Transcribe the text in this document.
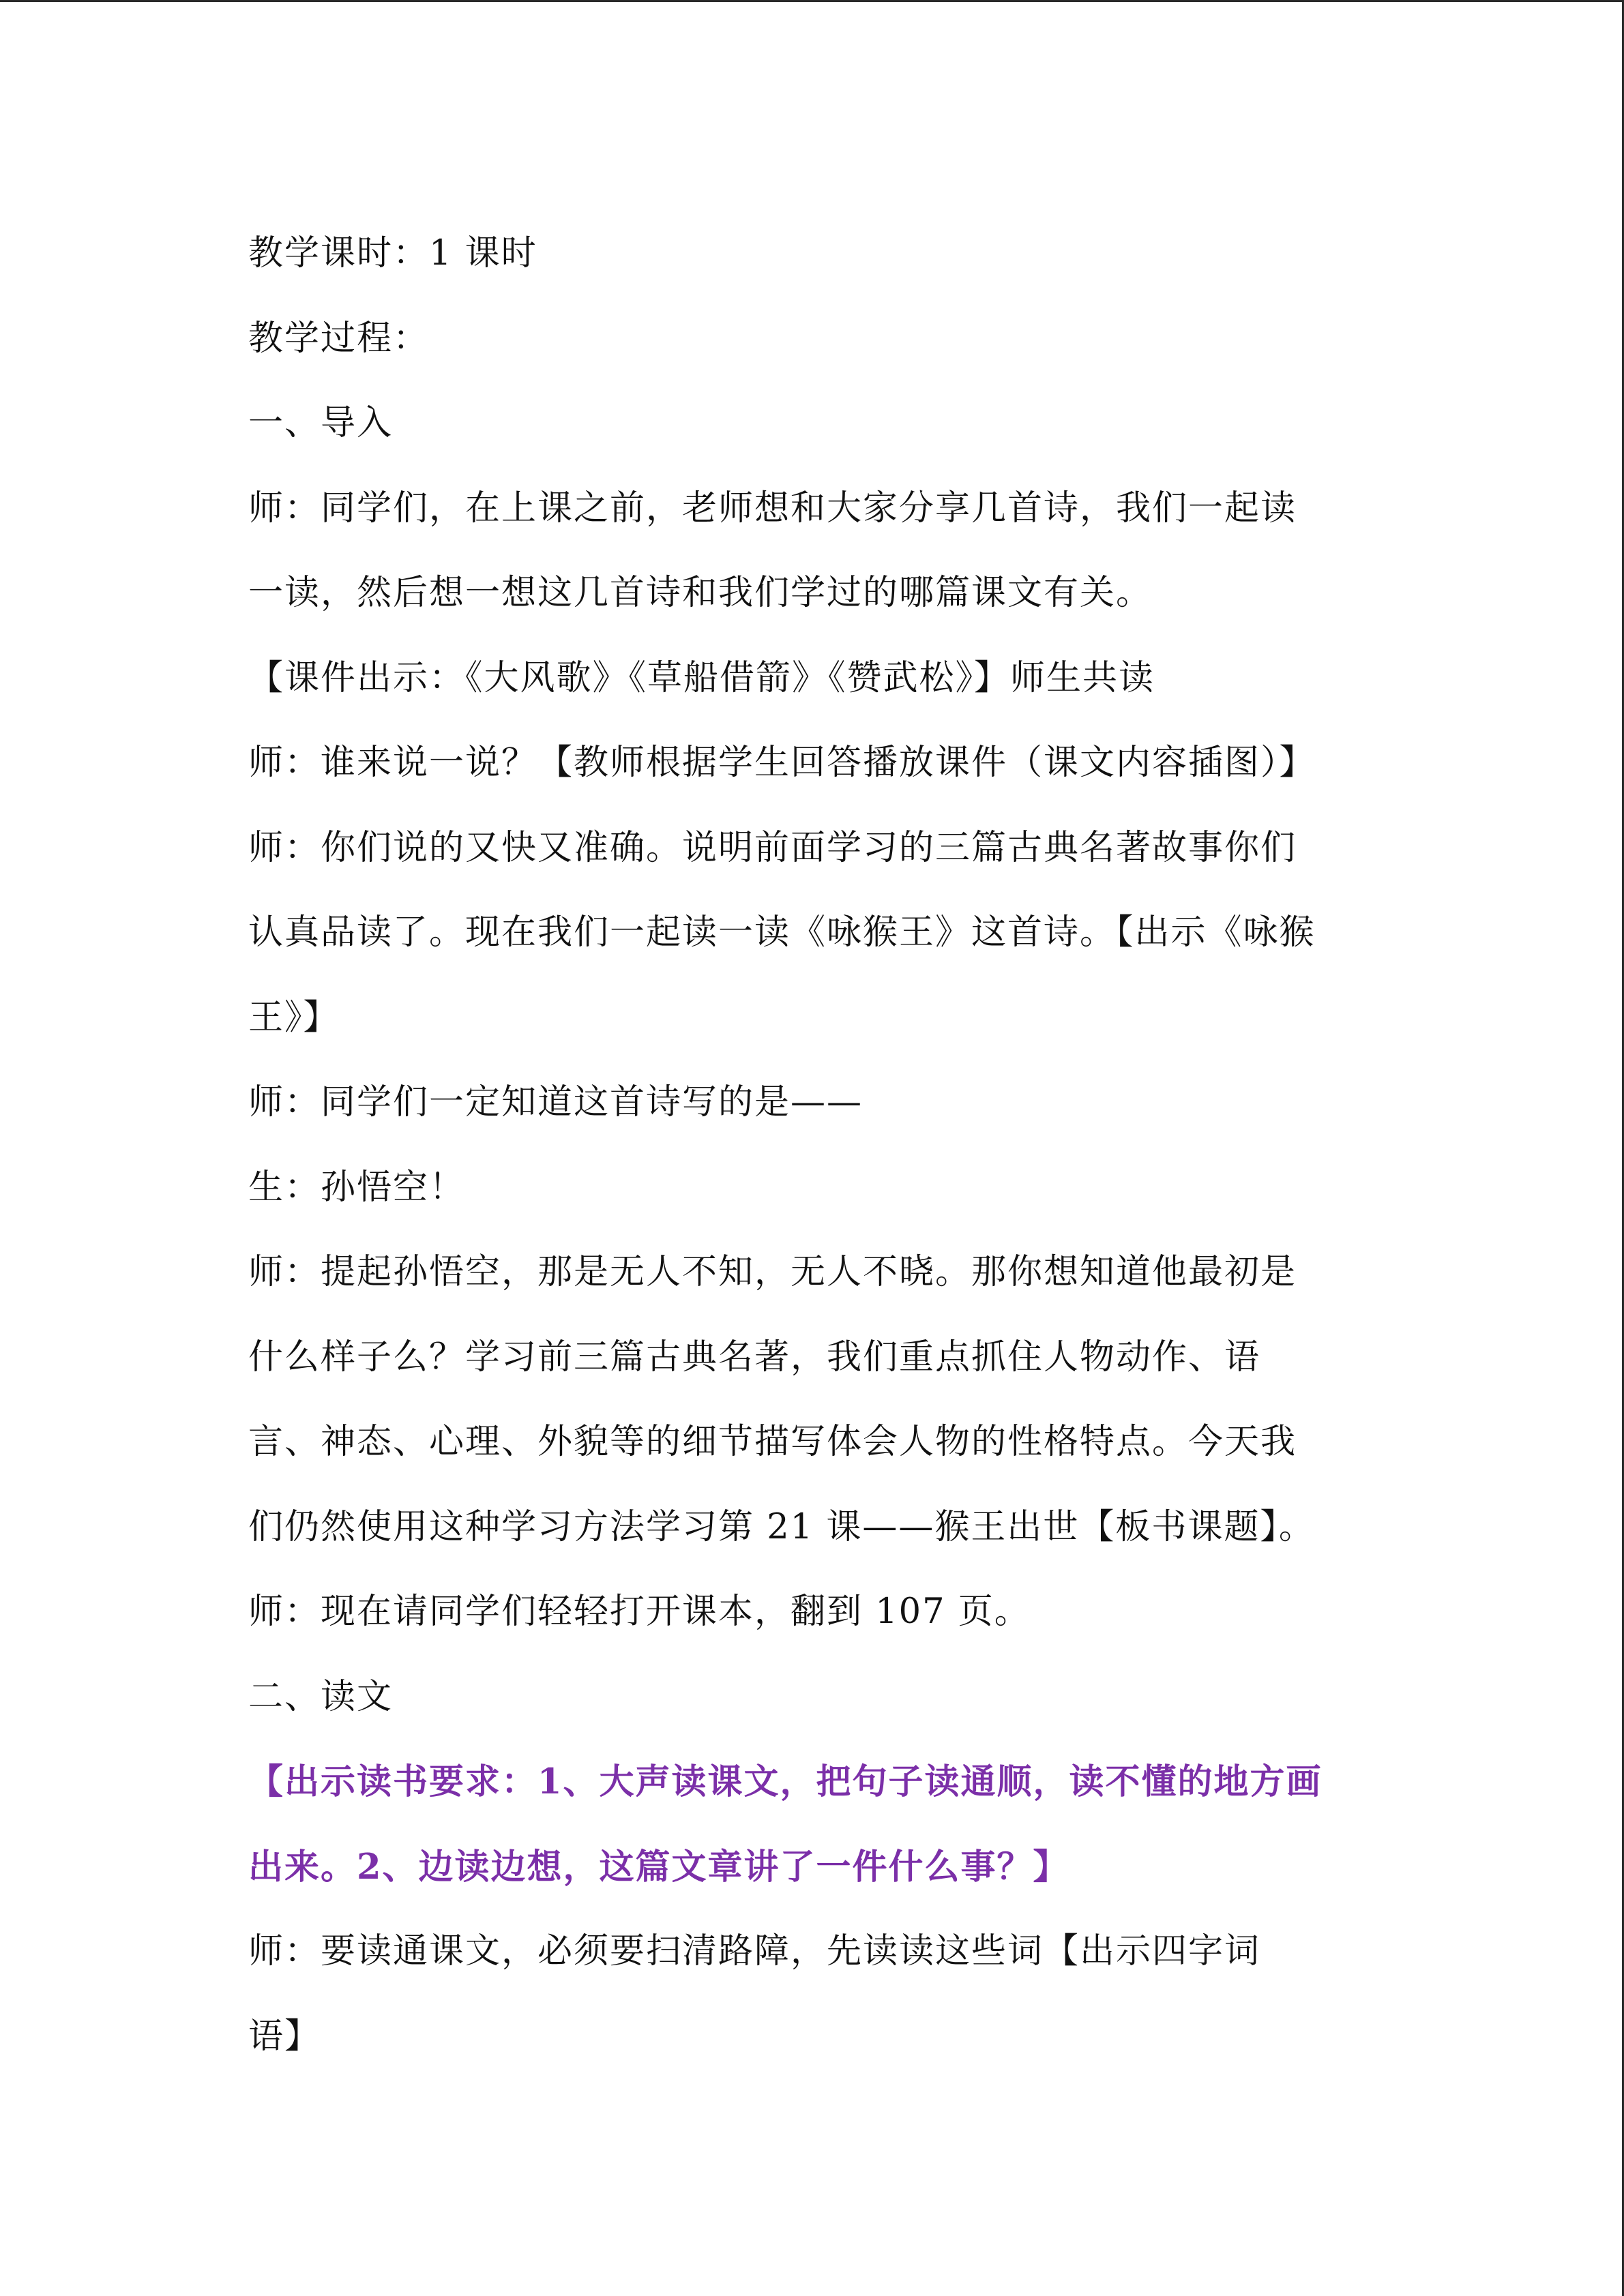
教学课时：1 课时
教学过程：
一、导入
师：同学们，在上课之前，老师想和大家分享几首诗，我们一起读
一读，然后想一想这几首诗和我们学过的哪篇课文有关。
【课件出示：《大风歌》《草船借箭》《赞武松》】师生共读
师：谁来说一说？【教师根据学生回答播放课件（课文内容插图）】
师：你们说的又快又准确。说明前面学习的三篇古典名著故事你们
认真品读了。现在我们一起读一读《咏猴王》这首诗。【出示《咏猴
王》】
师：同学们一定知道这首诗写的是——
生：孙悟空！
师：提起孙悟空，那是无人不知，无人不晓。那你想知道他最初是
什么样子么？学习前三篇古典名著，我们重点抓住人物动作、语
言、神态、心理、外貌等的细节描写体会人物的性格特点。今天我
们仍然使用这种学习方法学习第 21 课——猴王出世【板书课题】。
师：现在请同学们轻轻打开课本，翻到 107 页。
二、读文
【出示读书要求：1、大声读课文，把句子读通顺，读不懂的地方画
出来。2、边读边想，这篇文章讲了一件什么事？】
师：要读通课文，必须要扫清路障，先读读这些词【出示四字词
语】
